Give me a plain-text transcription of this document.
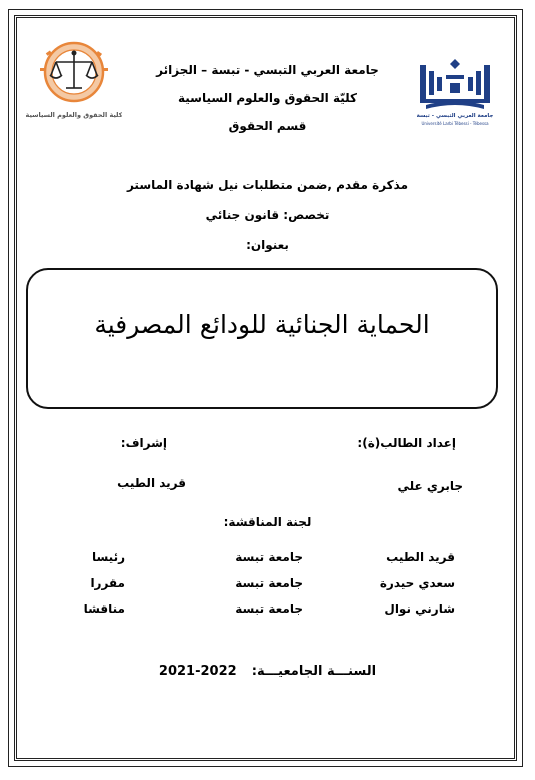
كلية الحقوق والعلوم السياسية	جامعة العربي التبسي - تبسة
Université Larbi Tébessi - Tébessa
جامعة العربي التبسي - تبسة – الجزائر
كليّة الحقوق والعلوم السياسية
قسم الحقوق
مذكرة مقدم ,ضمن متطلبات نيل شهادة الماستر
تخصص: قانون جنائي
بعنوان:
الحماية الجنائية للودائع المصرفية
إعداد الطالب(ة):
إشراف:
جابري علي
قريد الطيب
لجنة المناقشة:
قريد الطيب
جامعة تبسة
رئيسا
سعدي حيدرة
جامعة تبسة
مقررا
شارني نوال
جامعة تبسة
مناقشا
2021-2022 السنـــة الجامعيـــة:
